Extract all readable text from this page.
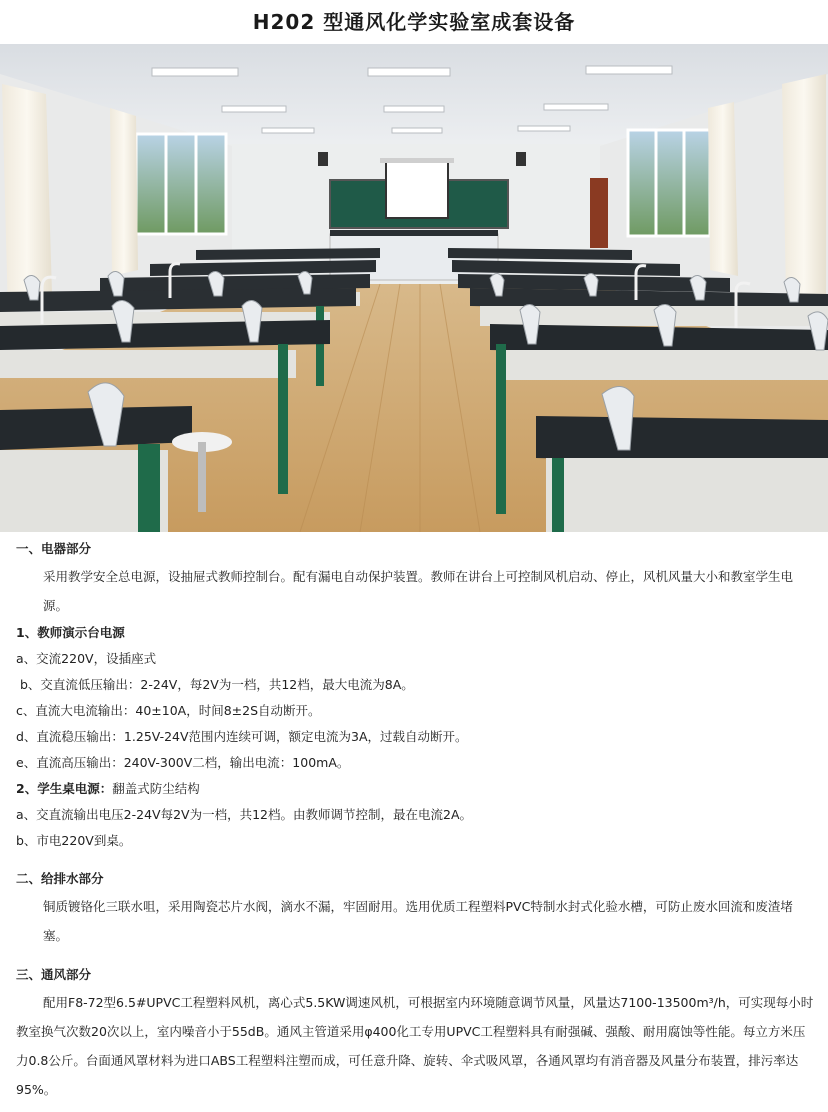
H202 型通风化学实验室成套设备
一、电器部分
采用教学安全总电源，设抽屉式教师控制台。配有漏电自动保护装置。教师在讲台上可控制风机启动、停止，风机风量大小和教室学生电源。
1、教师演示台电源
a、交流220V，设插座式
b、交直流低压输出：2-24V，每2V为一档，共12档，最大电流为8A。
c、直流大电流输出：40±10A，时间8±2S自动断开。
d、直流稳压输出：1.25V-24V范围内连续可调，额定电流为3A，过载自动断开。
e、直流高压输出：240V-300V二档，输出电流：100mA。
2、学生桌电源：翻盖式防尘结构
a、交直流输出电压2-24V每2V为一档，共12档。由教师调节控制，最在电流2A。
b、市电220V到桌。
二、给排水部分
铜质镀铬化三联水咀，采用陶瓷芯片水阀，滴水不漏，牢固耐用。选用优质工程塑料PVC特制水封式化验水槽，可防止废水回流和废渣堵塞。
三、通风部分
配用F8-72型6.5#UPVC工程塑料风机，离心式5.5KW调速风机，可根据室内环境随意调节风量，风量达7100-13500m³/h，可实现每小时教室换气次数20次以上，室内噪音小于55dB。通风主管道采用φ400化工专用UPVC工程塑料具有耐强碱、强酸、耐用腐蚀等性能。每立方米压力0.8公斤。台面通风罩材料为进口ABS工程塑料注塑而成，可任意升降、旋转、伞式吸风罩，各通风罩均有消音器及风量分布装置，排污率达95%。
